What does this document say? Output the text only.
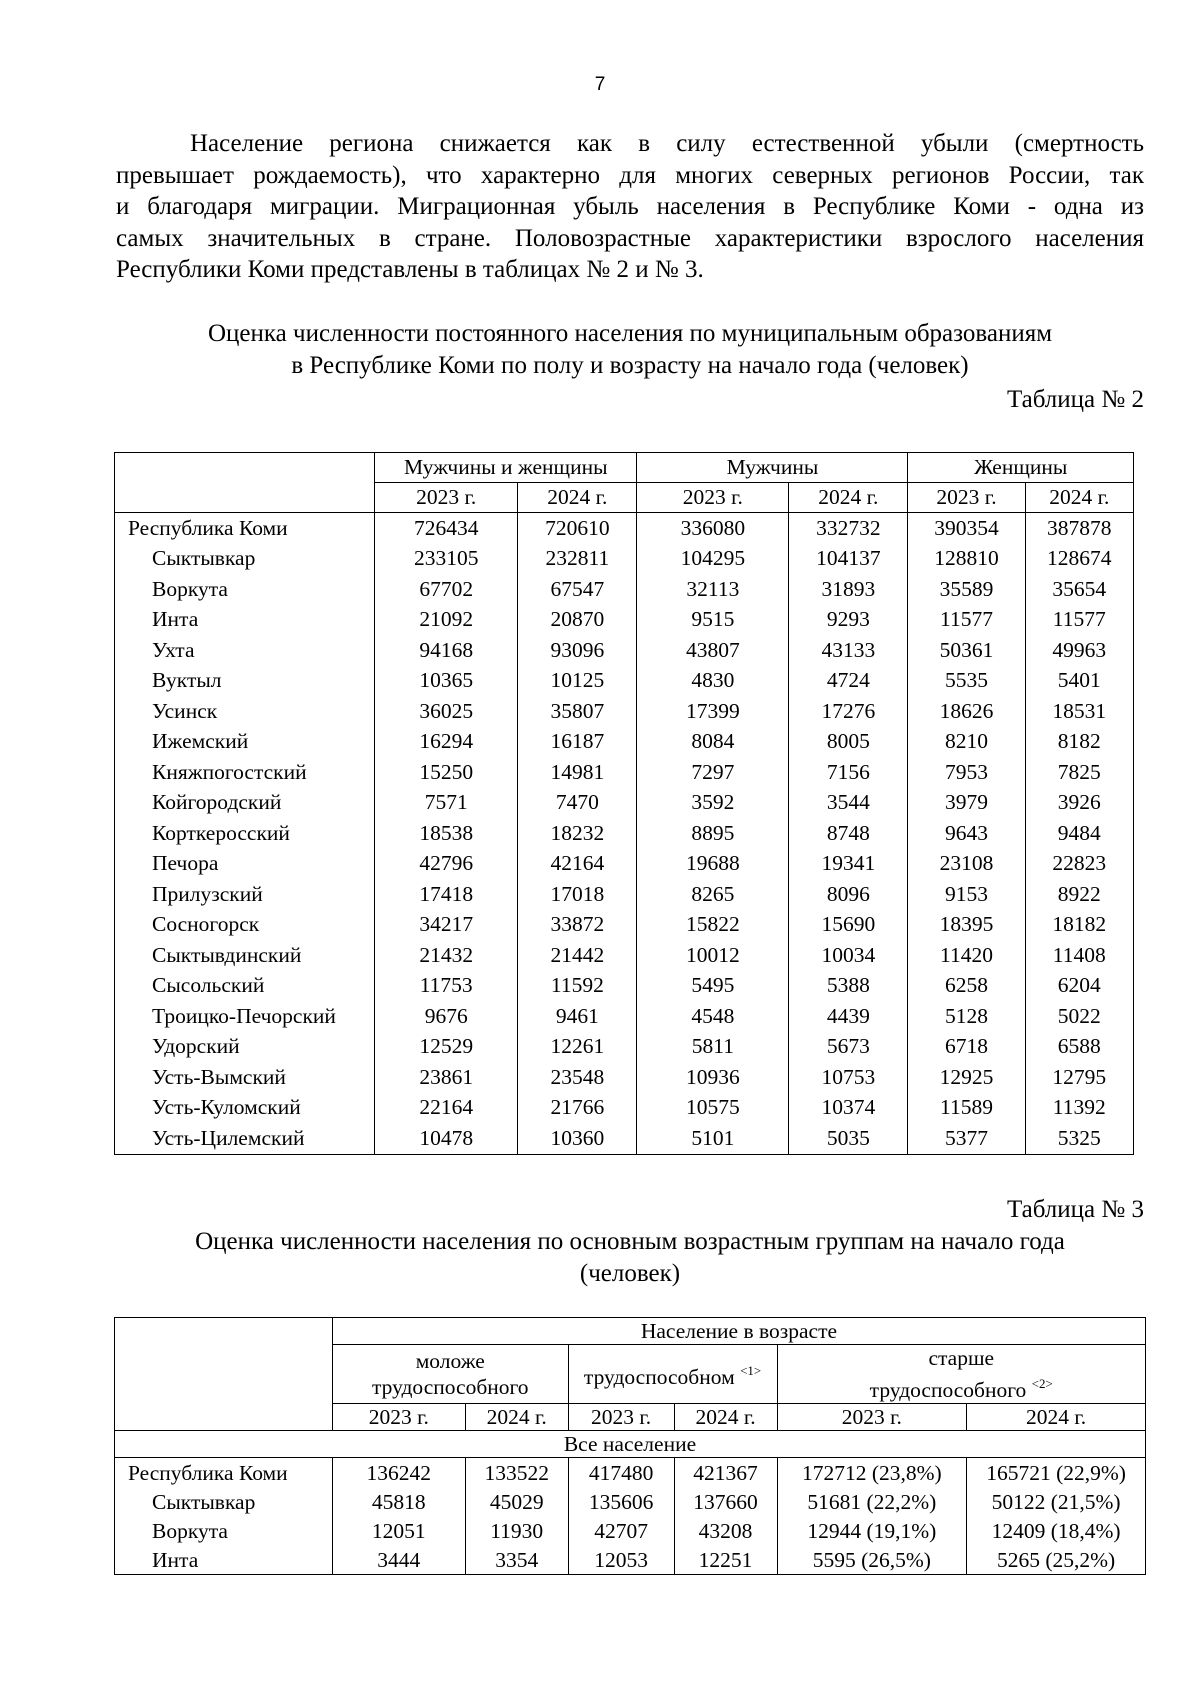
7

Население региона снижается как в силу естественной убыли (смертность
превышает рождаемость), что характерно для многих северных регионов России, так
и благодаря миграции. Миграционная убыль населения в Республике Коми - одна из
самых значительных в стране. Половозрастные характеристики взрослого населения
Республики Коми представлены в таблицах № 2 и № 3.

Оценка численности постоянного населения по муниципальным образованиям
в Республике Коми по полу и возрасту на начало года (человек)
Таблица № 2
	Мужчины и женщины		Мужчины		Женщины	
	2023 г.	2024 г.	2023 г.	2024 г.	2023 г.	2024 г.
Республика Коми	726434	720610	336080	332732	390354	387878
Сыктывкар	233105	232811	104295	104137	128810	128674
Воркута	67702	67547	32113	31893	35589	35654
Инта	21092	20870	9515	9293	11577	11577
Ухта	94168	93096	43807	43133	50361	49963
Вуктыл	10365	10125	4830	4724	5535	5401
Усинск	36025	35807	17399	17276	18626	18531
Ижемский	16294	16187	8084	8005	8210	8182
Княжпогостский	15250	14981	7297	7156	7953	7825
Койгородский	7571	7470	3592	3544	3979	3926
Корткеросский	18538	18232	8895	8748	9643	9484
Печора	42796	42164	19688	19341	23108	22823
Прилузский	17418	17018	8265	8096	9153	8922
Сосногорск	34217	33872	15822	15690	18395	18182
Сыктывдинский	21432	21442	10012	10034	11420	11408
Сысольский	11753	11592	5495	5388	6258	6204
Троицко-Печорский	9676	9461	4548	4439	5128	5022
Удорский	12529	12261	5811	5673	6718	6588
Усть-Вымский	23861	23548	10936	10753	12925	12795
Усть-Куломский	22164	21766	10575	10374	11589	11392
Усть-Цилемский	10478	10360	5101	5035	5377	5325
Таблица № 3
Оценка численности населения по основным возрастным группам на начало года
(человек)
	Население в возрасте					

	моложе
трудоспособного		трудоспособном $^{<1>}$		старше
трудоспособного $^{<2>}$

	2023 г.	2024 г.	2023 г.	2024 г.	2023 г.	2024 г.
Все население						
Республика Коми	136242	133522	417480	421367	172712 (23,8%)	165721 (22,9%)
Сыктывкар	45818	45029	135606	137660	51681 (22,2%)	50122 (21,5%)
Воркута	12051	11930	42707	43208	12944 (19,1%)	12409 (18,4%)
Инта	3444	3354	12053	12251	5595 (26,5%)	5265 (25,2%)
